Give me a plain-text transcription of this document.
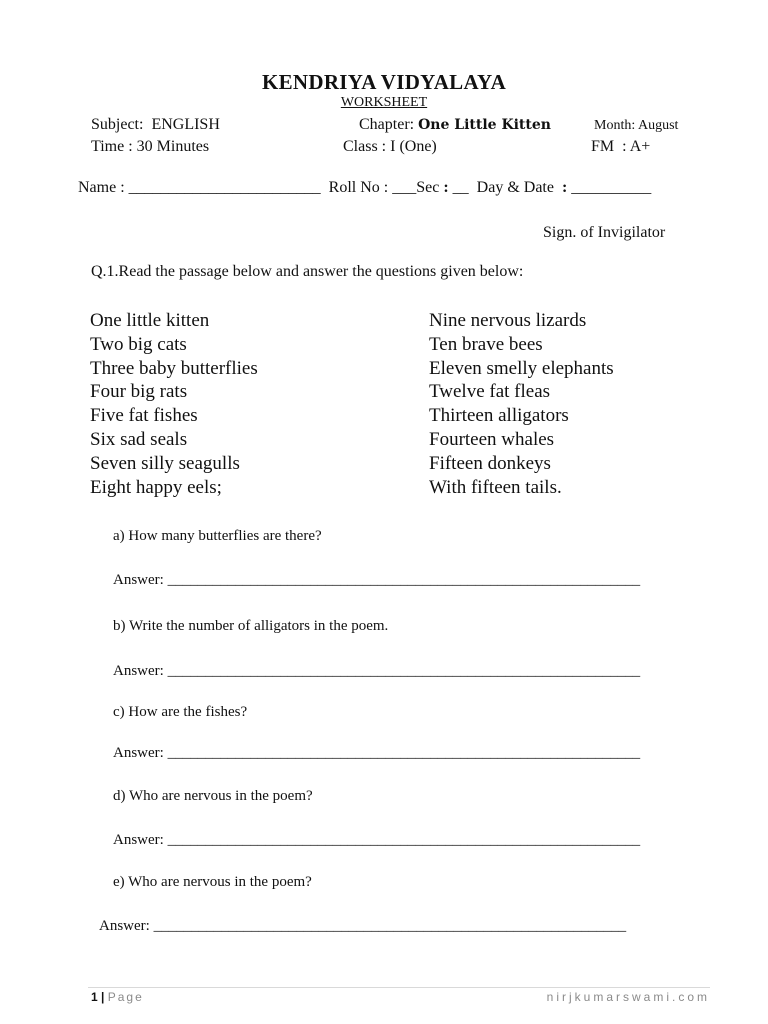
KENDRIYA VIDYALAYA
WORKSHEET
Subject: ENGLISH	Chapter: One Little Kitten	Month: August
Time : 30 Minutes	Class : I (One)	FM  : A+
Name : ________________________ Roll No : ___Sec : __ Day & Date : __________
Sign. of Invigilator
Q.1.Read the passage below and answer the questions given below:
One little kitten
Two big cats
Three baby butterflies
Four big rats
Five fat fishes
Six sad seals
Seven silly seagulls
Eight happy eels;
Nine nervous lizards
Ten brave bees
Eleven smelly elephants
Twelve fat fleas
Thirteen alligators
Fourteen whales
Fifteen donkeys
With fifteen tails.
a) How many butterflies are there?
Answer: _______________________________________________________________
b) Write the number of alligators in the poem.
Answer: _______________________________________________________________
c) How are the fishes?
Answer: _______________________________________________________________
d) Who are nervous in the poem?
Answer: _______________________________________________________________
e) Who are nervous in the poem?
Answer: _______________________________________________________________
1 | Page	nirjkumarswami.com
